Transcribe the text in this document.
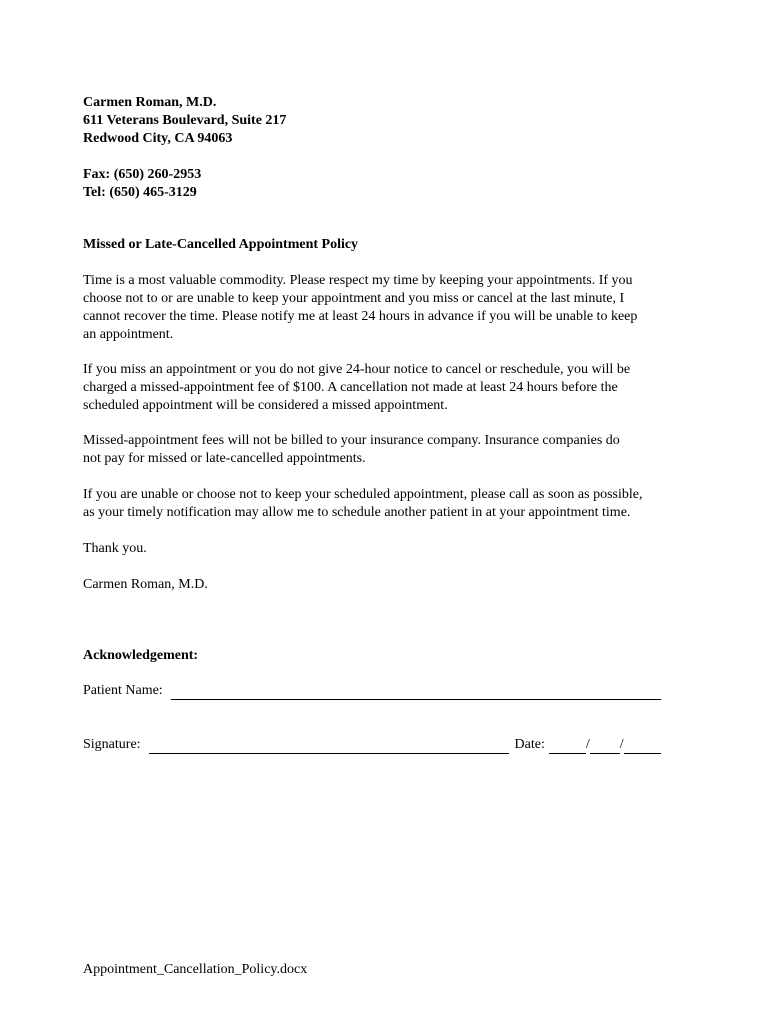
Carmen Roman, M.D.
611 Veterans Boulevard, Suite 217
Redwood City, CA 94063
Fax: (650) 260-2953
Tel: (650) 465-3129
Missed or Late-Cancelled Appointment Policy
Time is a most valuable commodity. Please respect my time by keeping your appointments. If you
choose not to or are unable to keep your appointment and you miss or cancel at the last minute, I
cannot recover the time. Please notify me at least 24 hours in advance if you will be unable to keep
an appointment.
If you miss an appointment or you do not give 24-hour notice to cancel or reschedule, you will be
charged a missed-appointment fee of $100. A cancellation not made at least 24 hours before the
scheduled appointment will be considered a missed appointment.
Missed-appointment fees will not be billed to your insurance company. Insurance companies do
not pay for missed or late-cancelled appointments.
If you are unable or choose not to keep your scheduled appointment, please call as soon as possible,
as your timely notification may allow me to schedule another patient in at your appointment time.
Thank you.
Carmen Roman, M.D.
Acknowledgement:
Patient Name:
Signature:	Date:	/ /
Appointment_Cancellation_Policy.docx
